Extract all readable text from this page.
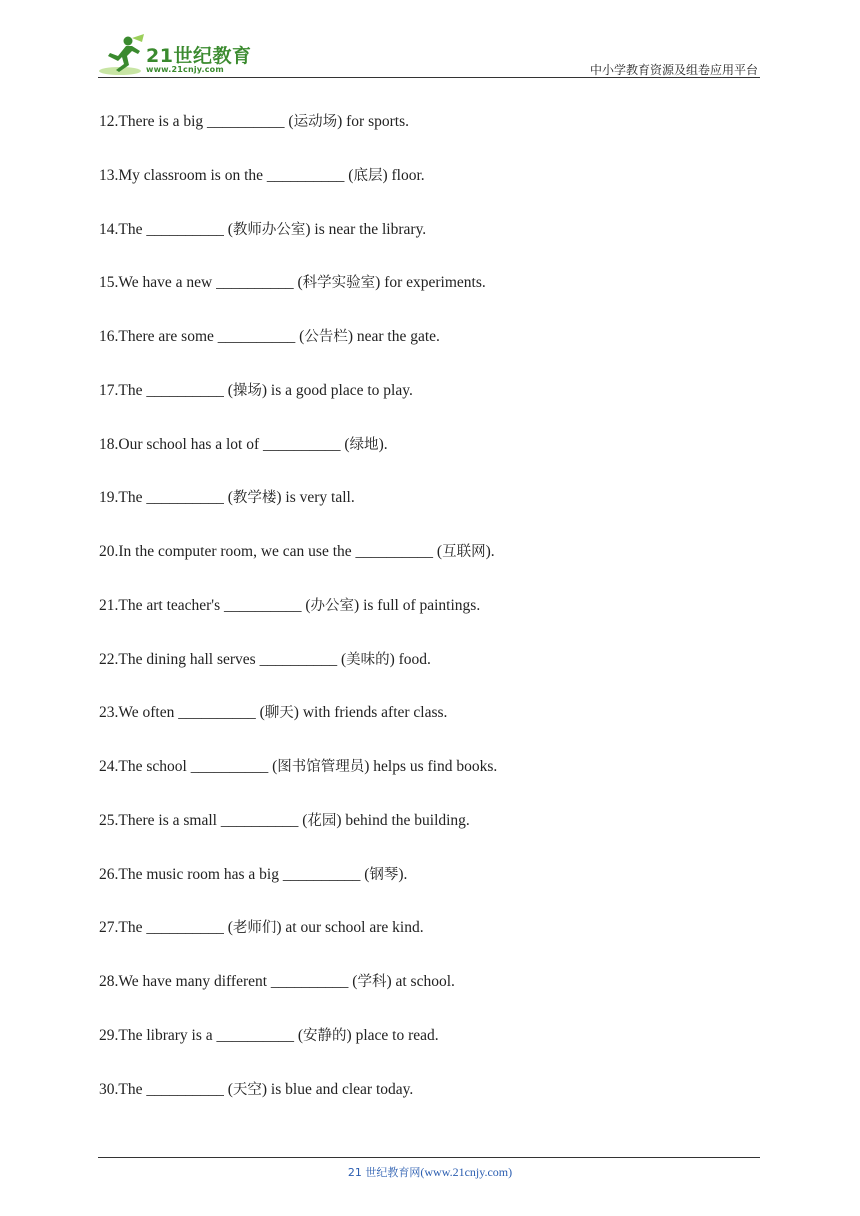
21世纪教育
www.21cnjy.com	中小学教育资源及组卷应用平台
12.There is a big __________ (运动场) for sports.
13.My classroom is on the __________ (底层) floor.
14.The __________ (教师办公室) is near the library.
15.We have a new __________ (科学实验室) for experiments.
16.There are some __________ (公告栏) near the gate.
17.The __________ (操场) is a good place to play.
18.Our school has a lot of __________ (绿地).
19.The __________ (教学楼) is very tall.
20.In the computer room, we can use the __________ (互联网).
21.The art teacher's __________ (办公室) is full of paintings.
22.The dining hall serves __________ (美味的) food.
23.We often __________ (聊天) with friends after class.
24.The school __________ (图书馆管理员) helps us find books.
25.There is a small __________ (花园) behind the building.
26.The music room has a big __________ (钢琴).
27.The __________ (老师们) at our school are kind.
28.We have many different __________ (学科) at school.
29.The library is a __________ (安静的) place to read.
30.The __________ (天空) is blue and clear today.
21 世纪教育网(www.21cnjy.com)
